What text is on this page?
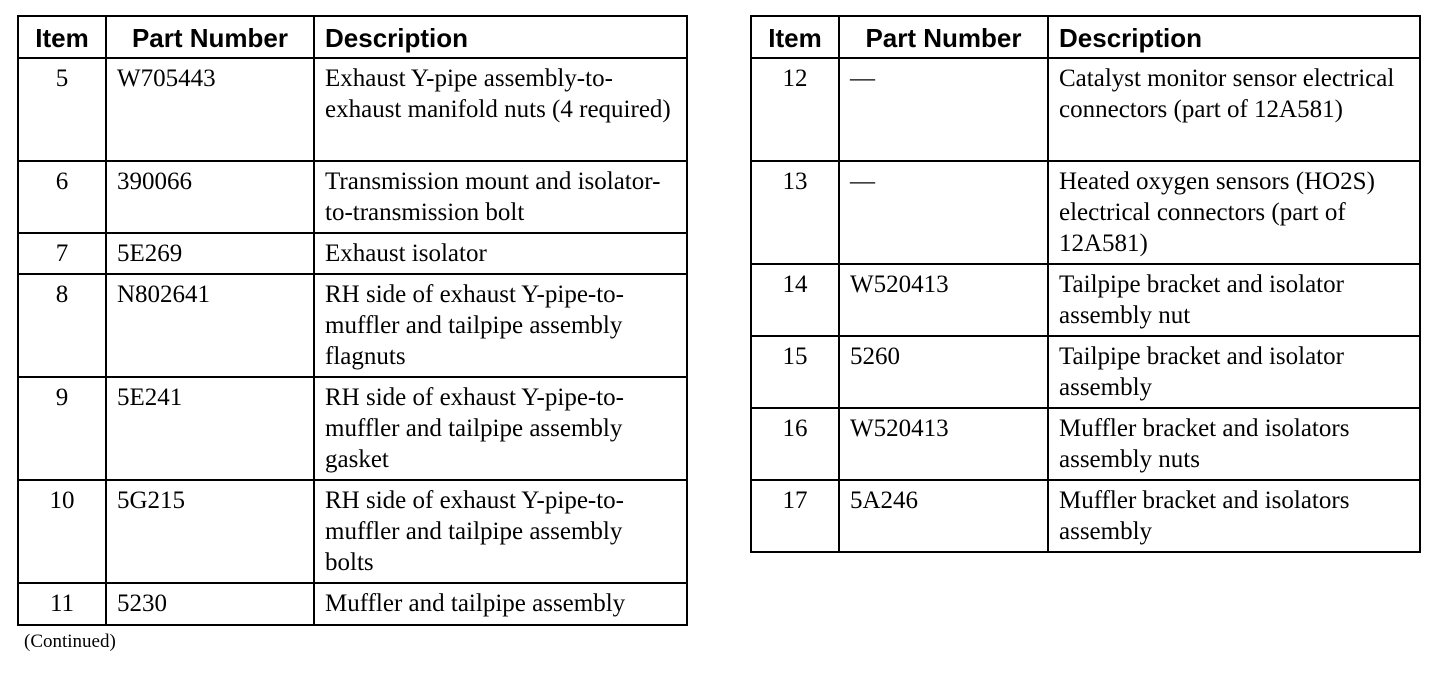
Item	Part Number	Description
5	W705443	Exhaust Y-pipe assembly-to-exhaust manifold nuts (4 required)
6	390066	Transmission mount and isolator-to-transmission bolt
7	5E269	Exhaust isolator
8	N802641	RH side of exhaust Y-pipe-to-muffler and tailpipe assembly flagnuts
9	5E241	RH side of exhaust Y-pipe-to-muffler and tailpipe assembly gasket
10	5G215	RH side of exhaust Y-pipe-to-muffler and tailpipe assembly bolts
11	5230	Muffler and tailpipe assembly
Item	Part Number	Description
12	—	Catalyst monitor sensor electrical connectors (part of 12A581)
13	—	Heated oxygen sensors (HO2S) electrical connectors (part of 12A581)
14	W520413	Tailpipe bracket and isolator assembly nut
15	5260	Tailpipe bracket and isolator assembly
16	W520413	Muffler bracket and isolators assembly nuts
17	5A246	Muffler bracket and isolators assembly
(Continued)
